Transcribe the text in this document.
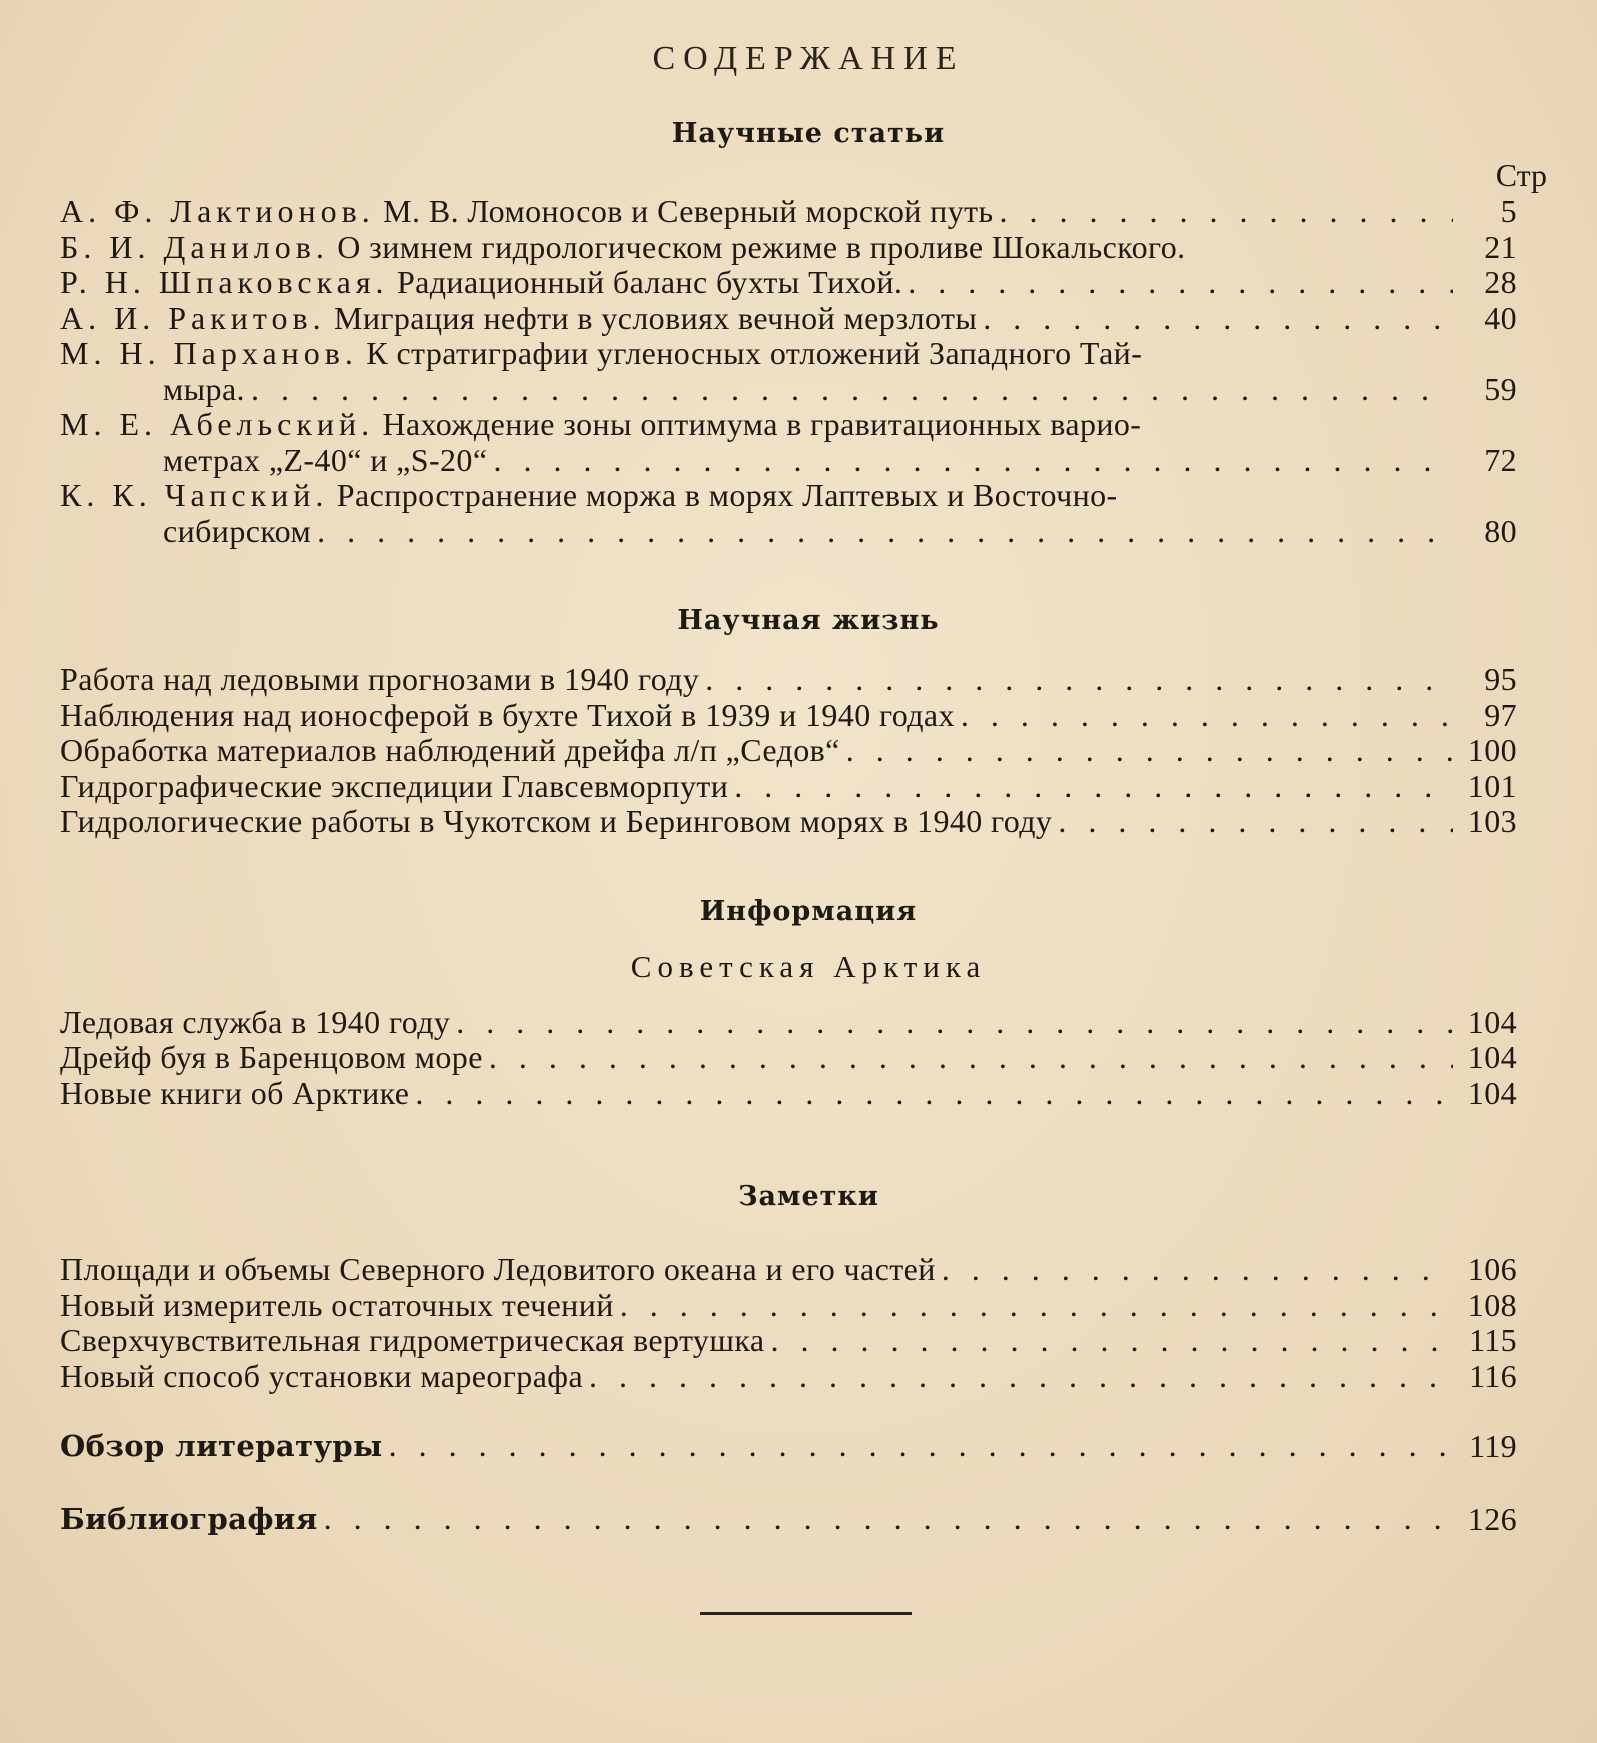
СОДЕРЖАНИЕ
Научные статьи
Стр
А. Ф. Лактионов.
М. В. Ломоносов и Северный морской путь . . .	5
Б. И. Данилов.
О зимнем гидрологическом режиме в проливе Шокальского.	21
Р. Н. Шпаковская.
Радиационный баланс бухты Тихой. . . .	28
А. И. Ракитов.
Миграция нефти в условиях вечной мерзлоты . . .	40
М. Н. Парханов.
К стратиграфии угленосных отложений Западного Тай-
мыра. . . .	59
М. Е. Абельский.
Нахождение зоны оптимума в гравитационных варио-
метрах „Z-40“ и „S-20“ . . .	72
К. К. Чапский.
Распространение моржа в морях Лаптевых и Восточно-
сибирском . . .	80
Научная жизнь
Работа над ледовыми прогнозами в 1940 году . . .	95
Наблюдения над ионосферой в бухте Тихой в 1939 и 1940 годах . . .	97
Обработка материалов наблюдений дрейфа л/п „Седов“ . . .	100
Гидрографические экспедиции Главсевморпути . . .	101
Гидрологические работы в Чукотском и Беринговом морях в 1940 году . . .	103
Информация
Советская Арктика
Ледовая служба в 1940 году . . .	104
Дрейф буя в Баренцовом море . . .	104
Новые книги об Арктике . . .	104
Заметки
Площади и объемы Северного Ледовитого океана и его частей . . .	106
Новый измеритель остаточных течений . . .	108
Сверхчувствительная гидрометрическая вертушка . . .	115
Новый способ установки мареографа . . .	116
Обзор литературы . . .	119
Библиография . . .	126
